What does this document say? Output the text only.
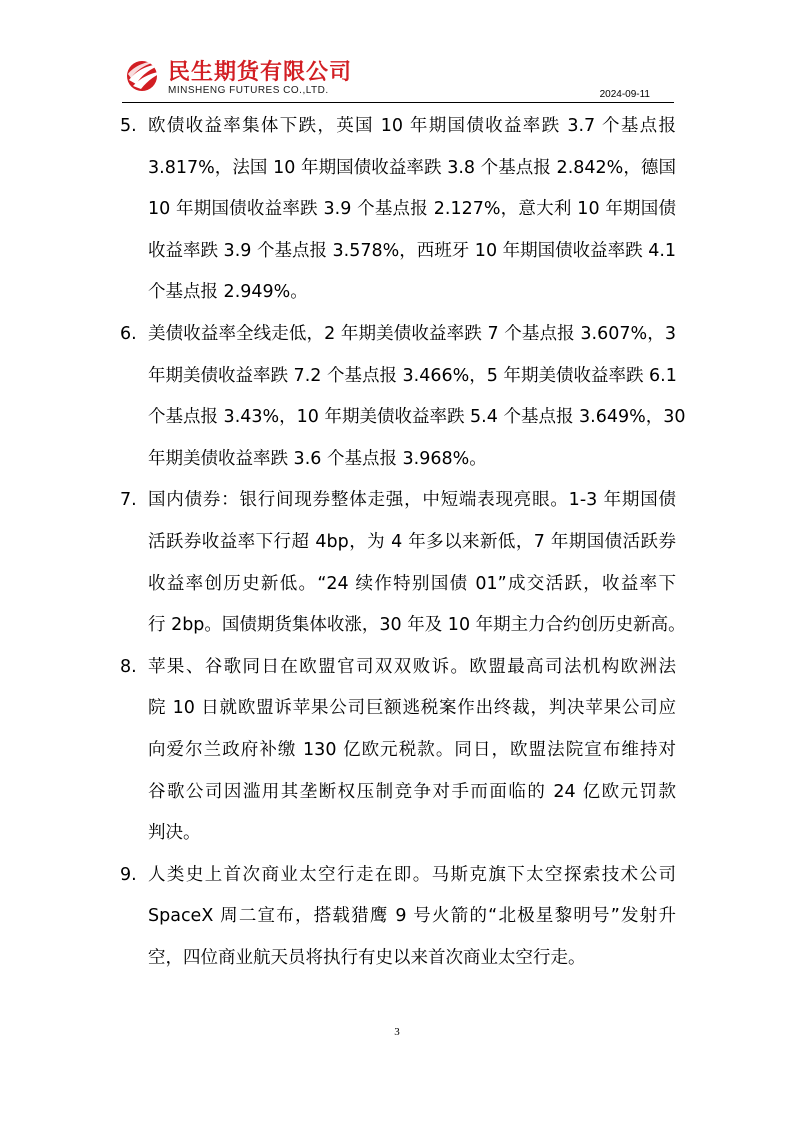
民生期货有限公司
MINSHENG FUTURES CO.,LTD.	2024-09-11
5. 欧债收益率集体下跌，英国 10 年期国债收益率跌 3.7 个基点报
3.817%，法国 10 年期国债收益率跌 3.8 个基点报 2.842%，德国
10 年期国债收益率跌 3.9 个基点报 2.127%，意大利 10 年期国债
收益率跌 3.9 个基点报 3.578%，西班牙 10 年期国债收益率跌 4.1
个基点报 2.949%。
6. 美债收益率全线走低，2 年期美债收益率跌 7 个基点报 3.607%，3
年期美债收益率跌 7.2 个基点报 3.466%，5 年期美债收益率跌 6.1
个基点报 3.43%，10 年期美债收益率跌 5.4 个基点报 3.649%，30
年期美债收益率跌 3.6 个基点报 3.968%。
7. 国内债券：银行间现券整体走强，中短端表现亮眼。1-3 年期国债
活跃券收益率下行超 4bp，为 4 年多以来新低，7 年期国债活跃券
收益率创历史新低。“24 续作特别国债 01”成交活跃，收益率下
行 2bp。国债期货集体收涨，30 年及 10 年期主力合约创历史新高。
8. 苹果、谷歌同日在欧盟官司双双败诉。欧盟最高司法机构欧洲法
院 10 日就欧盟诉苹果公司巨额逃税案作出终裁，判决苹果公司应
向爱尔兰政府补缴 130 亿欧元税款。同日，欧盟法院宣布维持对
谷歌公司因滥用其垄断权压制竞争对手而面临的 24 亿欧元罚款
判决。
9. 人类史上首次商业太空行走在即。马斯克旗下太空探索技术公司
SpaceX 周二宣布，搭载猎鹰 9 号火箭的“北极星黎明号”发射升
空，四位商业航天员将执行有史以来首次商业太空行走。
3
